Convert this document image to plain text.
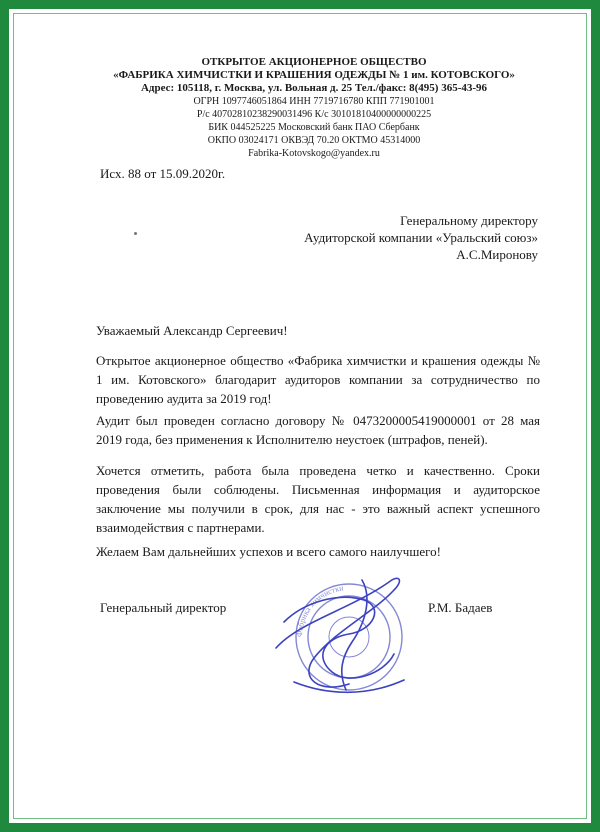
ОТКРЫТОЕ АКЦИОНЕРНОЕ ОБЩЕСТВО
«ФАБРИКА ХИМЧИСТКИ И КРАШЕНИЯ ОДЕЖДЫ № 1 им. КОТОВСКОГО»
Адрес: 105118, г. Москва, ул. Вольная д. 25 Тел./факс: 8(495) 365-43-96
ОГРН 1097746051864 ИНН 7719716780 КПП 771901001
Р/с 40702810238290031496 К/с 30101810400000000225
БИК 044525225 Московский банк ПАО Сбербанк
ОКПО 03024171 ОКВЭД 70.20 ОКТМО 45314000
Fabrika-Kotovskogo@yandex.ru
Исх. 88 от 15.09.2020г.
Генеральному директору
Аудиторской компании «Уральский союз»
А.С.Миронову
Уважаемый Александр Сергеевич!
Открытое акционерное общество «Фабрика химчистки и крашения одежды № 1 им. Котовского» благодарит аудиторов компании за сотрудничество по проведению аудита за 2019 год!
Аудит был проведен согласно договору № 0473200005419000001 от 28 мая 2019 года, без применения к Исполнителю неустоек (штрафов, пеней).
Хочется отметить, работа была проведена четко и качественно. Сроки проведения были соблюдены. Письменная информация и аудиторское заключение мы получили в срок, для нас - это важный аспект успешного взаимодействия с партнерами.
Желаем Вам дальнейших успехов и всего самого наилучшего!
Генеральный директор	Р.М. Бадаев
Фабрика химчистки
